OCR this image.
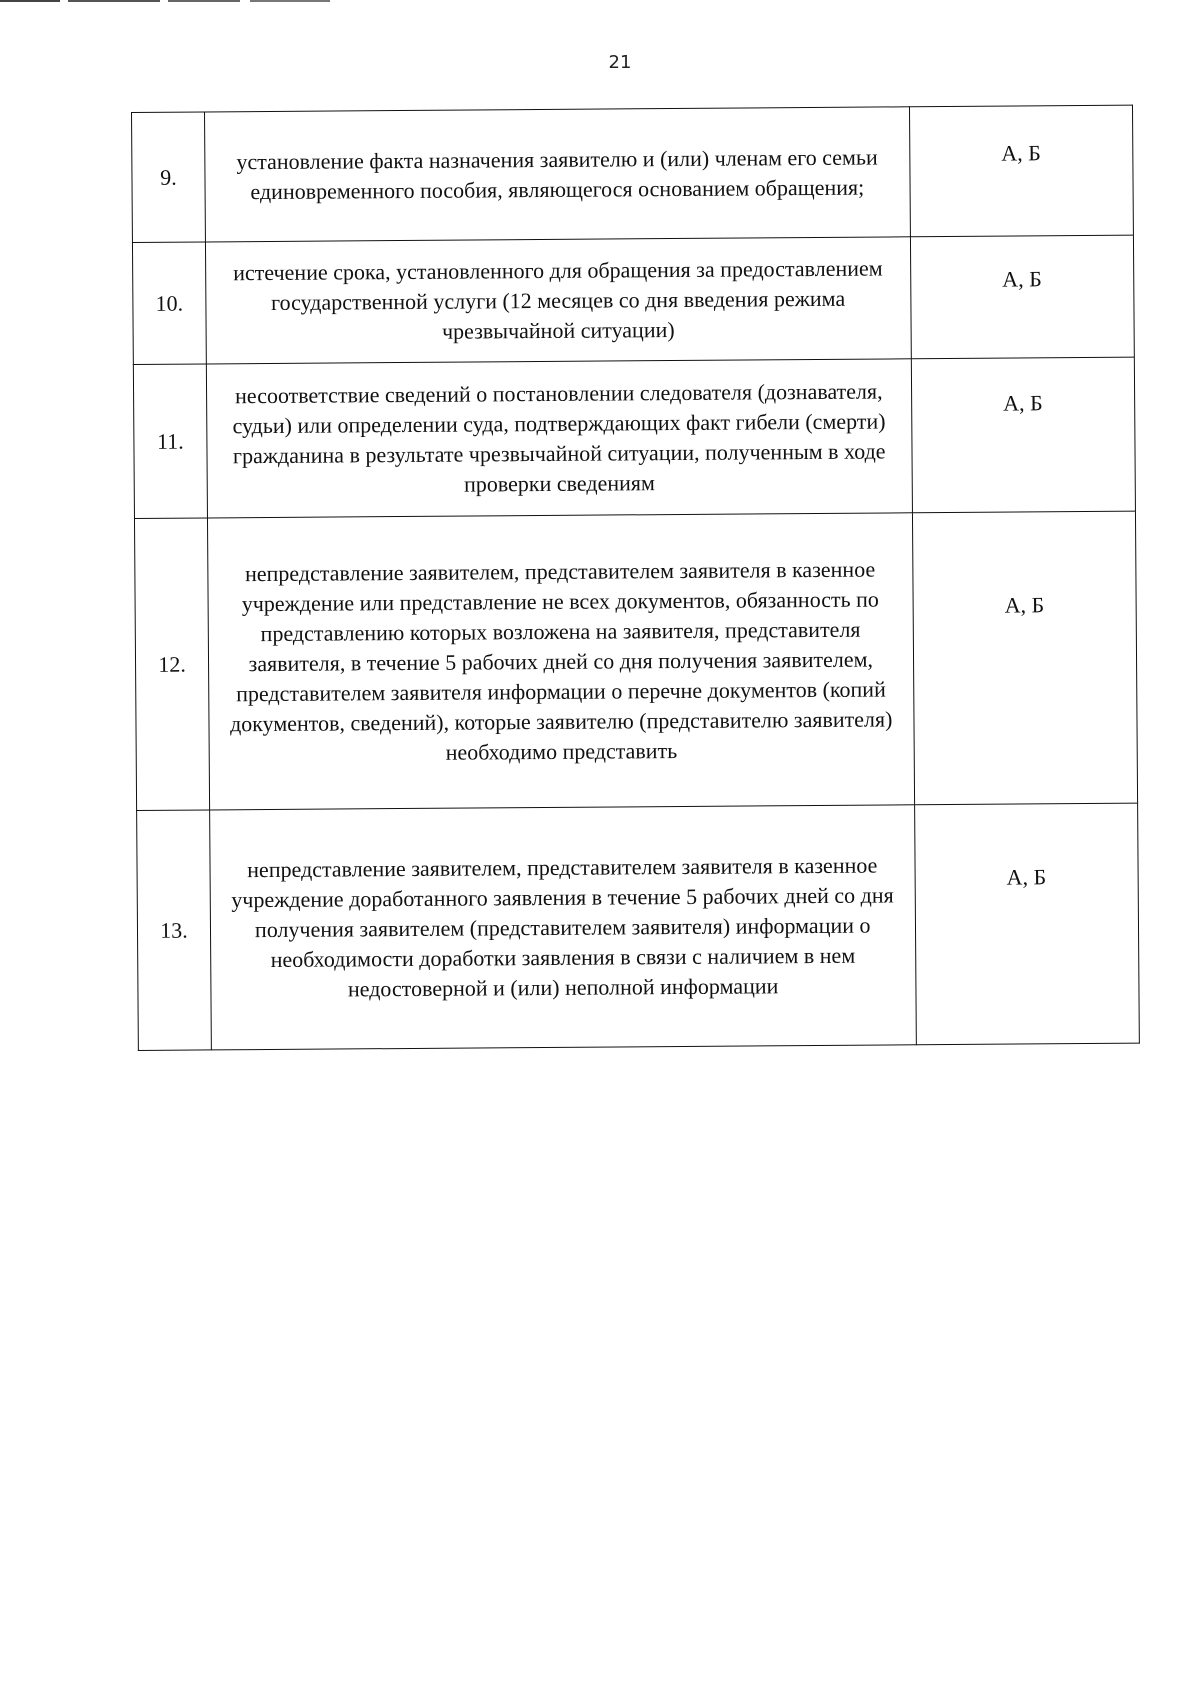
21
9.	установление факта назначения заявителю и (или) членам его семьи единовременного пособия, являющегося основанием обращения;	А, Б
10.	истечение срока, установленного для обращения за предоставлением государственной услуги (12 месяцев со дня введения режима чрезвычайной ситуации)	А, Б
11.	несоответствие сведений о постановлении следователя (дознавателя, судьи) или определении суда, подтверждающих факт гибели (смерти) гражданина в результате чрезвычайной ситуации, полученным в ходе проверки сведениям	А, Б
12.	непредставление заявителем, представителем заявителя в казенное учреждение или представление не всех документов, обязанность по представлению которых возложена на заявителя, представителя заявителя, в течение 5 рабочих дней со дня получения заявителем, представителем заявителя информации о перечне документов (копий документов, сведений), которые заявителю (представителю заявителя) необходимо представить	А, Б
13.	непредставление заявителем, представителем заявителя в казенное учреждение доработанного заявления в течение 5 рабочих дней со дня получения заявителем (представителем заявителя) информации о необходимости доработки заявления в связи с наличием в нем недостоверной и (или) неполной информации	А, Б
